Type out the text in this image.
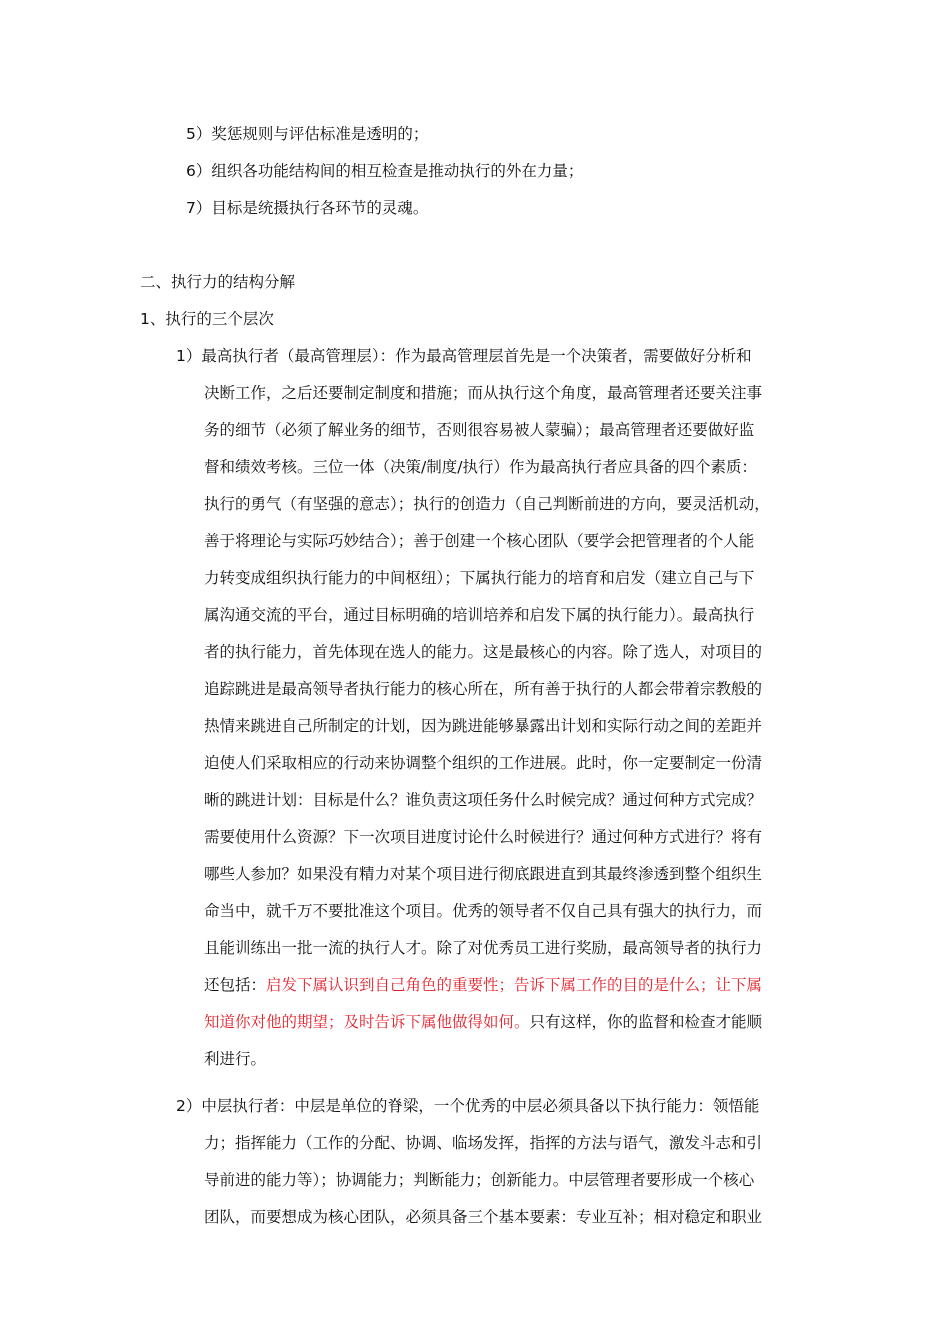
5）奖惩规则与评估标准是透明的；
6）组织各功能结构间的相互检查是推动执行的外在力量；
7）目标是统摄执行各环节的灵魂。
二、执行力的结构分解
1、执行的三个层次
1）最高执行者（最高管理层）：作为最高管理层首先是一个决策者，需要做好分析和
决断工作，之后还要制定制度和措施；而从执行这个角度，最高管理者还要关注事
务的细节（必须了解业务的细节，否则很容易被人蒙骗）；最高管理者还要做好监
督和绩效考核。三位一体（决策/制度/执行）作为最高执行者应具备的四个素质：
执行的勇气（有坚强的意志）；执行的创造力（自己判断前进的方向，要灵活机动，
善于将理论与实际巧妙结合）；善于创建一个核心团队（要学会把管理者的个人能
力转变成组织执行能力的中间枢纽）；下属执行能力的培育和启发（建立自己与下
属沟通交流的平台，通过目标明确的培训培养和启发下属的执行能力）。最高执行
者的执行能力，首先体现在选人的能力。这是最核心的内容。除了选人，对项目的
追踪跳进是最高领导者执行能力的核心所在，所有善于执行的人都会带着宗教般的
热情来跳进自己所制定的计划，因为跳进能够暴露出计划和实际行动之间的差距并
迫使人们采取相应的行动来协调整个组织的工作进展。此时，你一定要制定一份清
晰的跳进计划：目标是什么？谁负责这项任务什么时候完成？通过何种方式完成？
需要使用什么资源？下一次项目进度讨论什么时候进行？通过何种方式进行？将有
哪些人参加？如果没有精力对某个项目进行彻底跟进直到其最终渗透到整个组织生
命当中，就千万不要批准这个项目。优秀的领导者不仅自己具有强大的执行力，而
且能训练出一批一流的执行人才。除了对优秀员工进行奖励，最高领导者的执行力
还包括：启发下属认识到自己角色的重要性；告诉下属工作的目的是什么；让下属
知道你对他的期望；及时告诉下属他做得如何。只有这样，你的监督和检查才能顺
利进行。
2）中层执行者：中层是单位的脊梁，一个优秀的中层必须具备以下执行能力：领悟能
力；指挥能力（工作的分配、协调、临场发挥，指挥的方法与语气，激发斗志和引
导前进的能力等）；协调能力；判断能力；创新能力。中层管理者要形成一个核心
团队，而要想成为核心团队，必须具备三个基本要素：专业互补；相对稳定和职业
